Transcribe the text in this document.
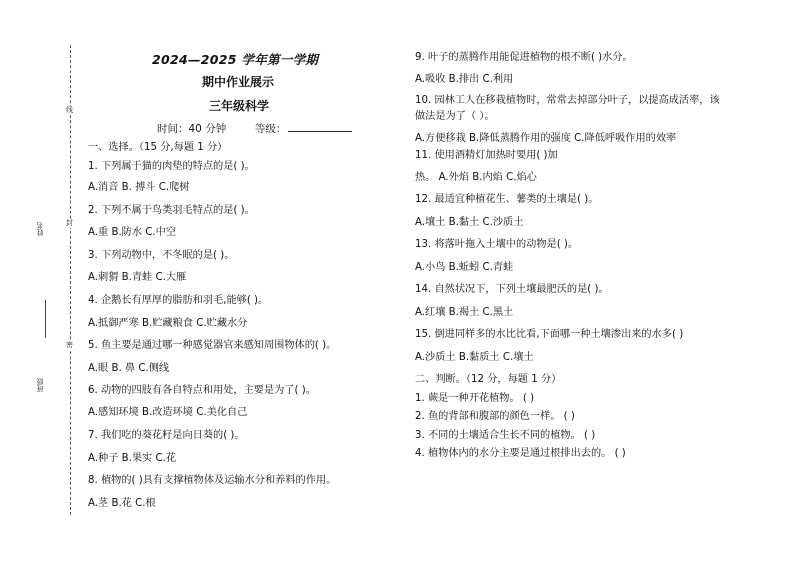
线
封
密
姓名
班级
2024—2025 学年第一学期
期中作业展示
三年级科学
时间：40 分钟	等级：
一、选择。（15 分,每题 1 分）
1. 下列属于猫的肉垫的特点的是( )。
A.消音 B. 搏斗 C.爬树
2. 下列不属于鸟类羽毛特点的是( )。
A.重 B.防水 C.中空
3. 下列动物中，不冬眠的是( )。
A.刺猬 B.青蛙 C.大雁
4. 企鹅长有厚厚的脂肪和羽毛,能够( )。
A.抵御严寒 B.贮藏粮食 C.贮藏水分
5. 鱼主要是通过哪一种感觉器官来感知周围物体的( )。
A.眼 B. 鼻 C.侧线
6. 动物的四肢有各自特点和用处，主要是为了( )。
A.感知环境 B.改造环境 C.美化自己
7. 我们吃的葵花籽是向日葵的( )。
A.种子 B.果实 C.花
8. 植物的( )具有支撑植物体及运输水分和养料的作用。
A.茎 B.花 C.根
9. 叶子的蒸腾作用能促进植物的根不断( )水分。
A.吸收 B.排出 C.利用
10. 园林工人在移栽植物时，常常去掉部分叶子，以提高成活率，该
做法是为了（ ）。
A.方便移栽 B.降低蒸腾作用的强度 C.降低呼吸作用的效率
11. 使用酒精灯加热时要用( )加
热。 A.外焰 B.内焰 C.焰心
12. 最适宜种植花生、薯类的土壤是( )。
A.壤土 B.黏土 C.沙质土
13. 将落叶拖入土壤中的动物是( )。
A.小鸟 B.蚯蚓 C.青蛙
14. 自然状况下，下列土壤最肥沃的是( )。
A.红壤 B.褐土 C.黑土
15. 倒进同样多的水比比看,下面哪一种土壤渗出来的水多( )
A.沙质土 B.黏质土 C.壤土
二、判断。（12 分，每题 1 分）
1. 蕨是一种开花植物。 ( )
2. 鱼的背部和腹部的颜色一样。 ( )
3. 不同的土壤适合生长不同的植物。 ( )
4. 植物体内的水分主要是通过根排出去的。 ( )
